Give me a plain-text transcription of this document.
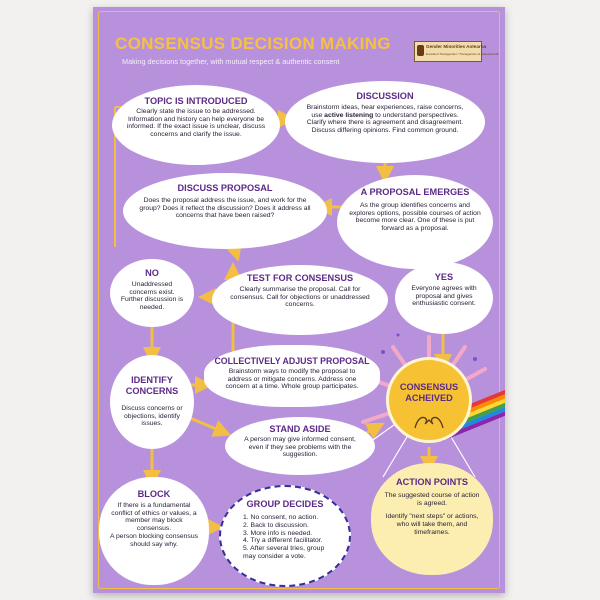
CONSENSUS DECISION MAKING
Making decisions together, with mutual respect & authentic consent
Gender Minorities Aotearoa
Excellent Transgender / Transgender of Aotearoa NZ
TOPIC IS INTRODUCED
Clearly state the issue to be addressed. Information and history can help everyone be informed. If the exact issue is unclear, discuss concerns and clarify the issue.
DISCUSSION
Brainstorm ideas, hear experiences, raise concerns, use active listening to understand perspectives. Clarify where there is agreement and disagreement. Discuss differing opinions. Find common ground.
DISCUSS PROPOSAL
Does the proposal address the issue, and work for the group? Does it reflect the discussion? Does it address all concerns that have been raised?
A PROPOSAL EMERGES
As the group identifies concerns and explores options, possible courses of action become more clear. One of these is put forward as a proposal.
NO
Unaddressed concerns exist. Further discussion is needed.
TEST FOR CONSENSUS
Clearly summarise the proposal. Call for consensus. Call for objections or unaddressed concerns.
YES
Everyone agrees with proposal and gives enthusiastic consent.
COLLECTIVELY ADJUST PROPOSAL
Brainstorm ways to modify the proposal to address or mitigate concerns. Address one concern at a time. Whole group participates.
IDENTIFY CONCERNS
Discuss concerns or objections, identify issues.
CONSENSUS ACHEIVED
STAND ASIDE
A person may give informed consent, even if they see problems with the suggestion.
BLOCK
If there is a fundamental conflict of ethics or values, a member may block consensus.
A person blocking consensus should say why.
GROUP DECIDES
1. No consent, no action.
2. Back to discussion.
3. More info is needed.
4. Try a different facilitator.
5. After several tries, group may consider a vote.
ACTION POINTS
The suggested course of action is agreed.
Identify "next steps" or actions, who will take them, and timeframes.
